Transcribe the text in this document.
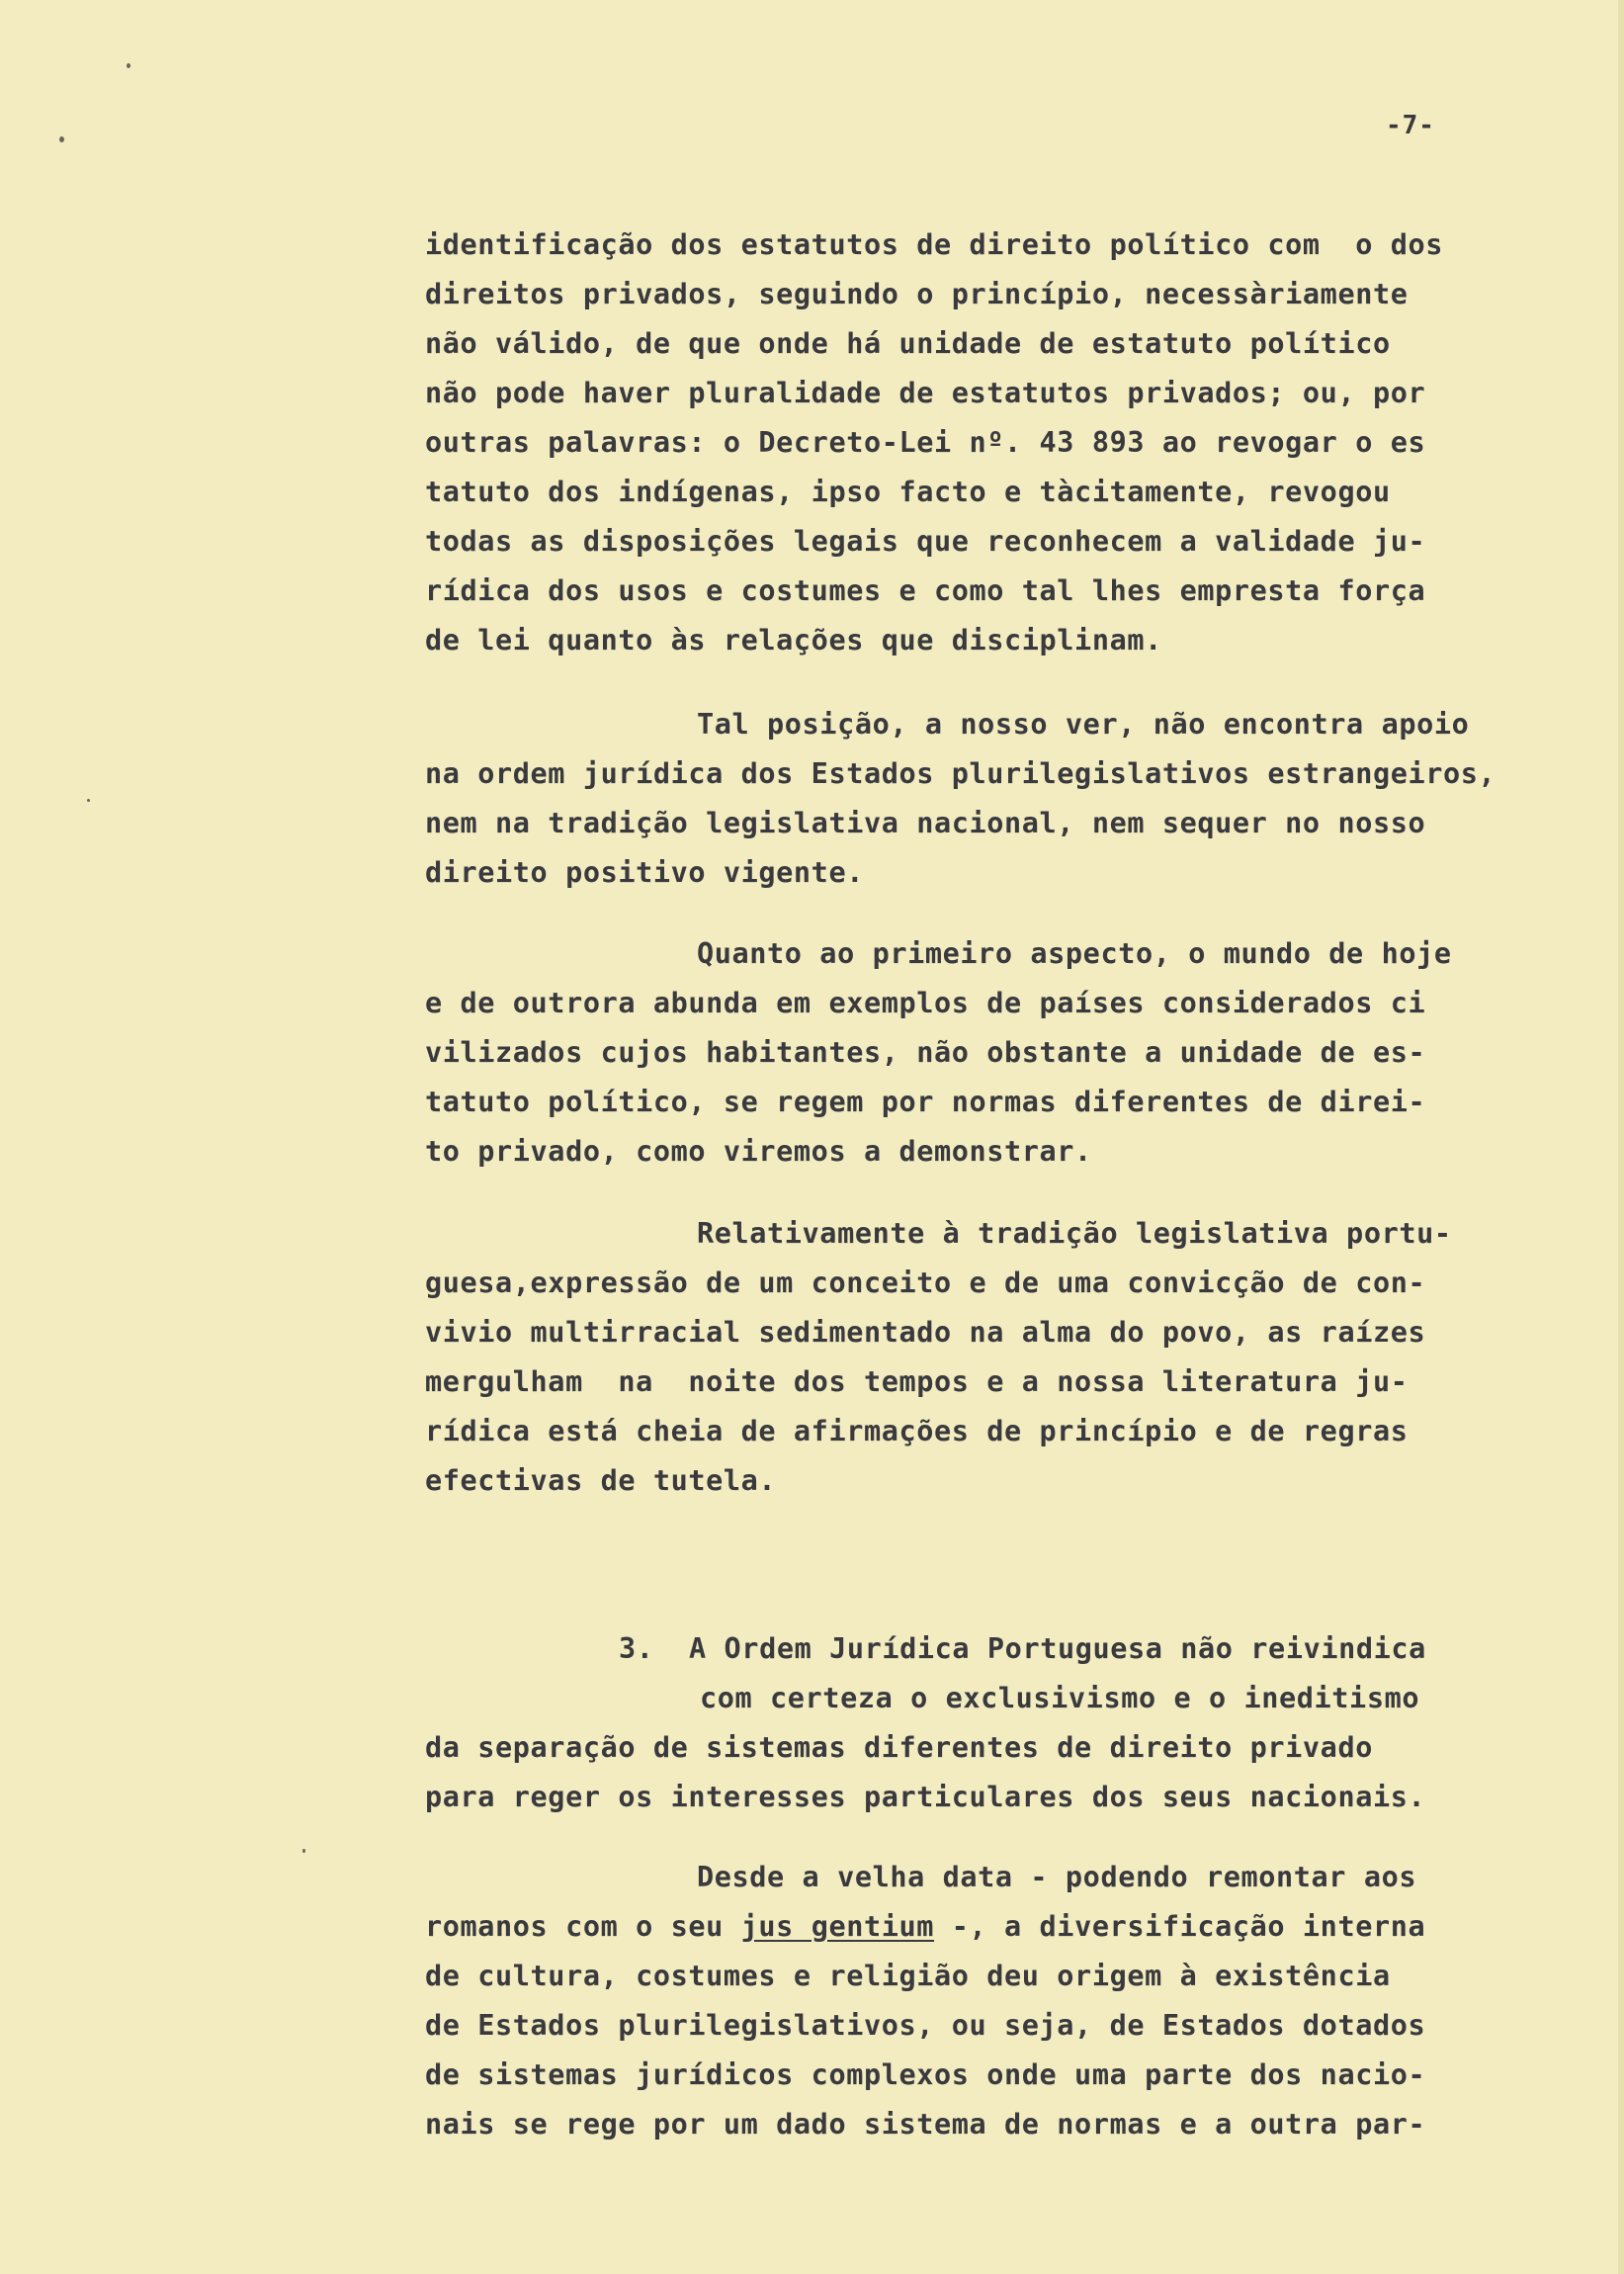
-7-
identificação dos estatutos de direito político com  o dos
direitos privados, seguindo o princípio, necessàriamente
não válido, de que onde há unidade de estatuto político
não pode haver pluralidade de estatutos privados; ou, por
outras palavras: o Decreto-Lei nº. 43 893 ao revogar o es
tatuto dos indígenas, ipso facto e tàcitamente, revogou
todas as disposições legais que reconhecem a validade ju-
rídica dos usos e costumes e como tal lhes empresta força
de lei quanto às relações que disciplinam.
Tal posição, a nosso ver, não encontra apoio
na ordem jurídica dos Estados plurilegislativos estrangeiros,
nem na tradição legislativa nacional, nem sequer no nosso
direito positivo vigente.
Quanto ao primeiro aspecto, o mundo de hoje
e de outrora abunda em exemplos de países considerados ci
vilizados cujos habitantes, não obstante a unidade de es-
tatuto político, se regem por normas diferentes de direi-
to privado, como viremos a demonstrar.
Relativamente à tradição legislativa portu-
guesa,expressão de um conceito e de uma convicção de con-
vivio multirracial sedimentado na alma do povo, as raízes
mergulham  na  noite dos tempos e a nossa literatura ju-
rídica está cheia de afirmações de princípio e de regras
efectivas de tutela.
3.  A Ordem Jurídica Portuguesa não reivindica
com certeza o exclusivismo e o ineditismo
da separação de sistemas diferentes de direito privado
para reger os interesses particulares dos seus nacionais.
Desde a velha data - podendo remontar aos
romanos com o seu jus gentium -, a diversificação interna
de cultura, costumes e religião deu origem à existência
de Estados plurilegislativos, ou seja, de Estados dotados
de sistemas jurídicos complexos onde uma parte dos nacio-
nais se rege por um dado sistema de normas e a outra par-
